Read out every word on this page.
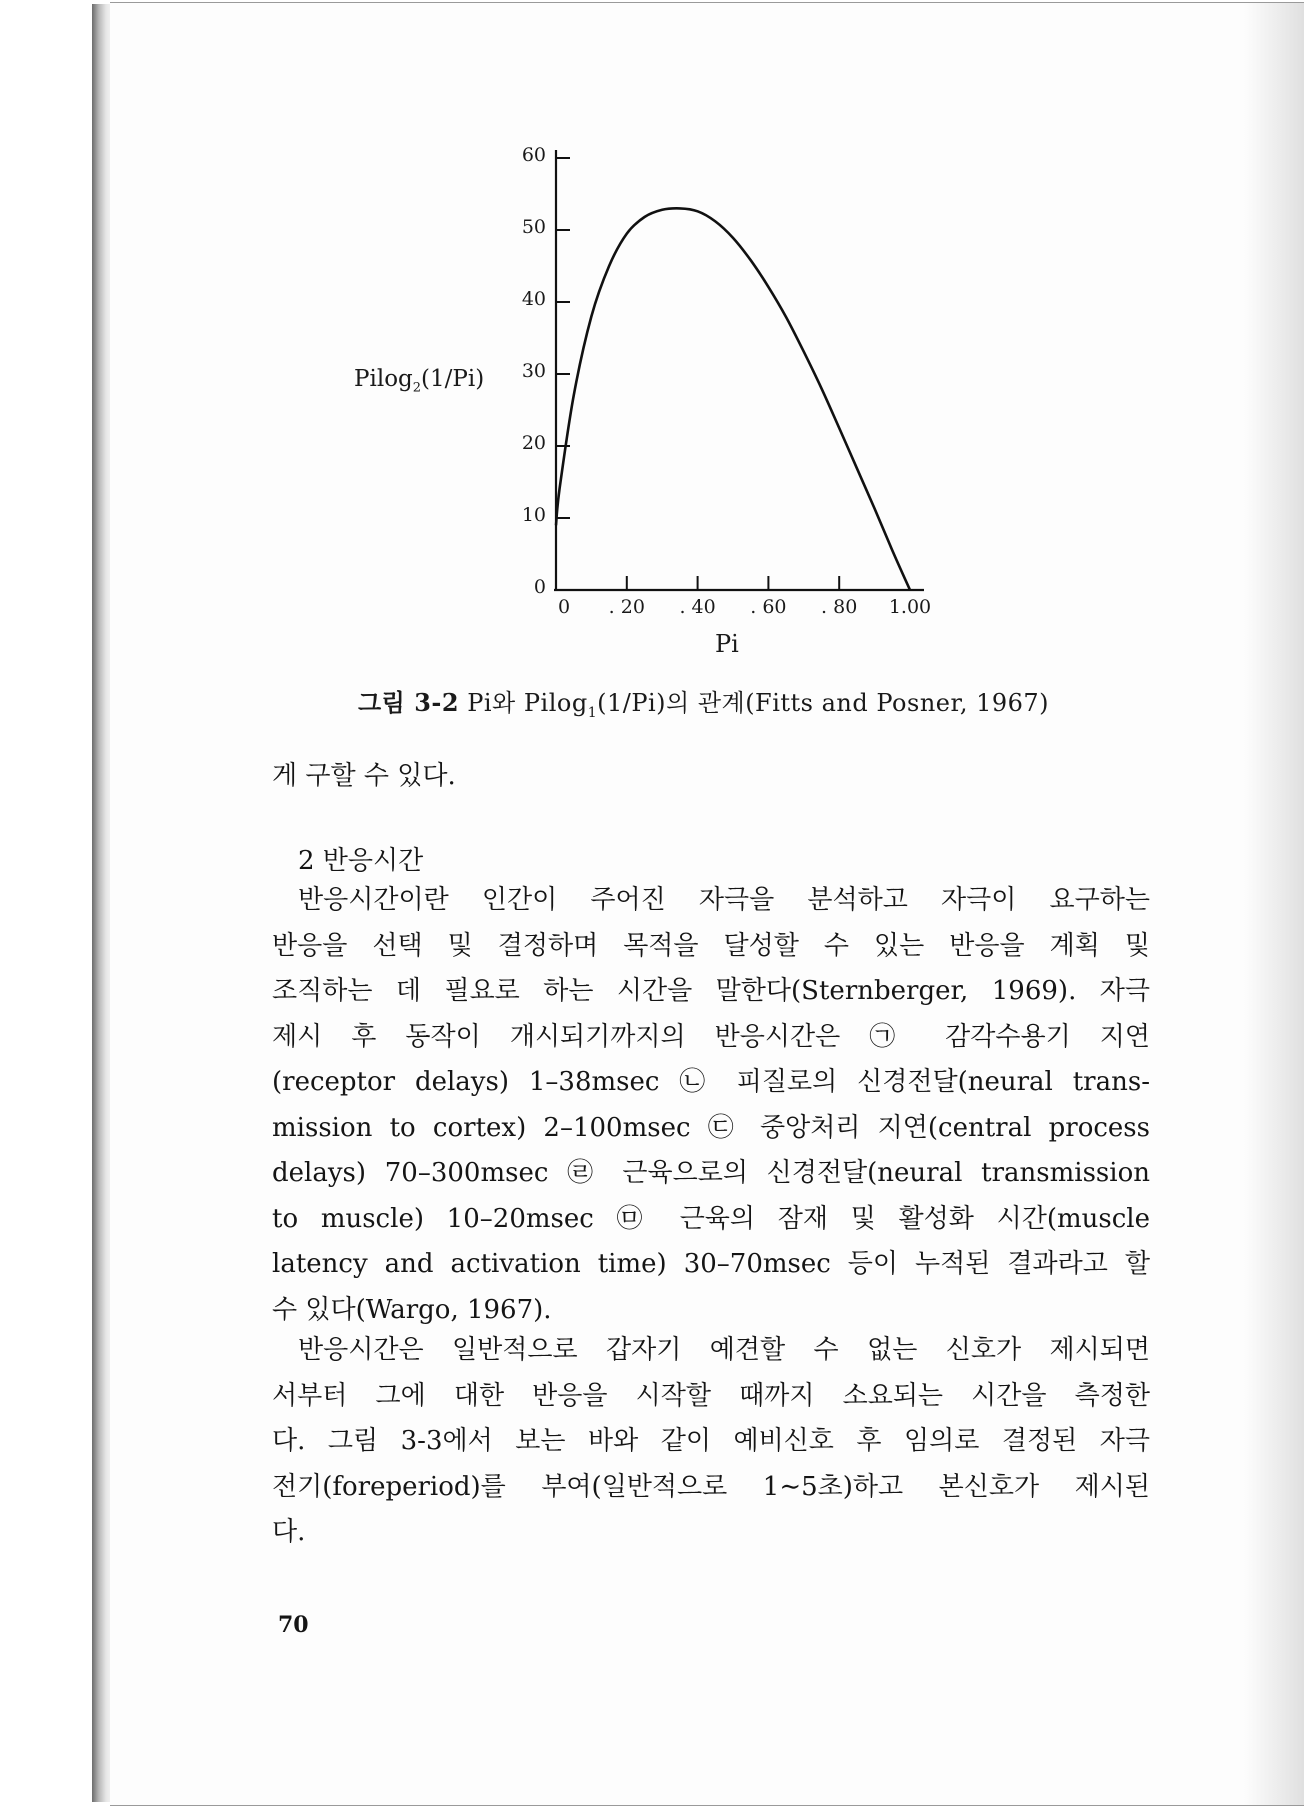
0
10
20
30
40
50
60
0	. 20	. 40	. 60	. 80	1.00
Pilog$_2$(1/Pi)
Pi
그림 3-2 Pi와 Pilog$_1$(1/Pi)의 관계(Fitts and Posner, 1967)
게 구할 수 있다.
2 반응시간
반응시간이란 인간이 주어진 자극을 분석하고 자극이 요구하는
반응을 선택 및 결정하며 목적을 달성할 수 있는 반응을 계획 및
조직하는 데 필요로 하는 시간을 말한다(Sternberger, 1969). 자극
제시 후 동작이 개시되기까지의 반응시간은 ㉠ 감각수용기 지연
(receptor delays) 1–38msec ㉡ 피질로의 신경전달(neural trans-
mission to cortex) 2–100msec ㉢ 중앙처리 지연(central process
delays) 70–300msec ㉣ 근육으로의 신경전달(neural transmission
to muscle) 10–20msec ㉤ 근육의 잠재 및 활성화 시간(muscle
latency and activation time) 30–70msec 등이 누적된 결과라고 할
수 있다(Wargo, 1967).
반응시간은 일반적으로 갑자기 예견할 수 없는 신호가 제시되면
서부터 그에 대한 반응을 시작할 때까지 소요되는 시간을 측정한
다. 그림 3-3에서 보는 바와 같이 예비신호 후 임의로 결정된 자극
전기(foreperiod)를 부여(일반적으로 1∼5초)하고 본신호가 제시된
다.
70
